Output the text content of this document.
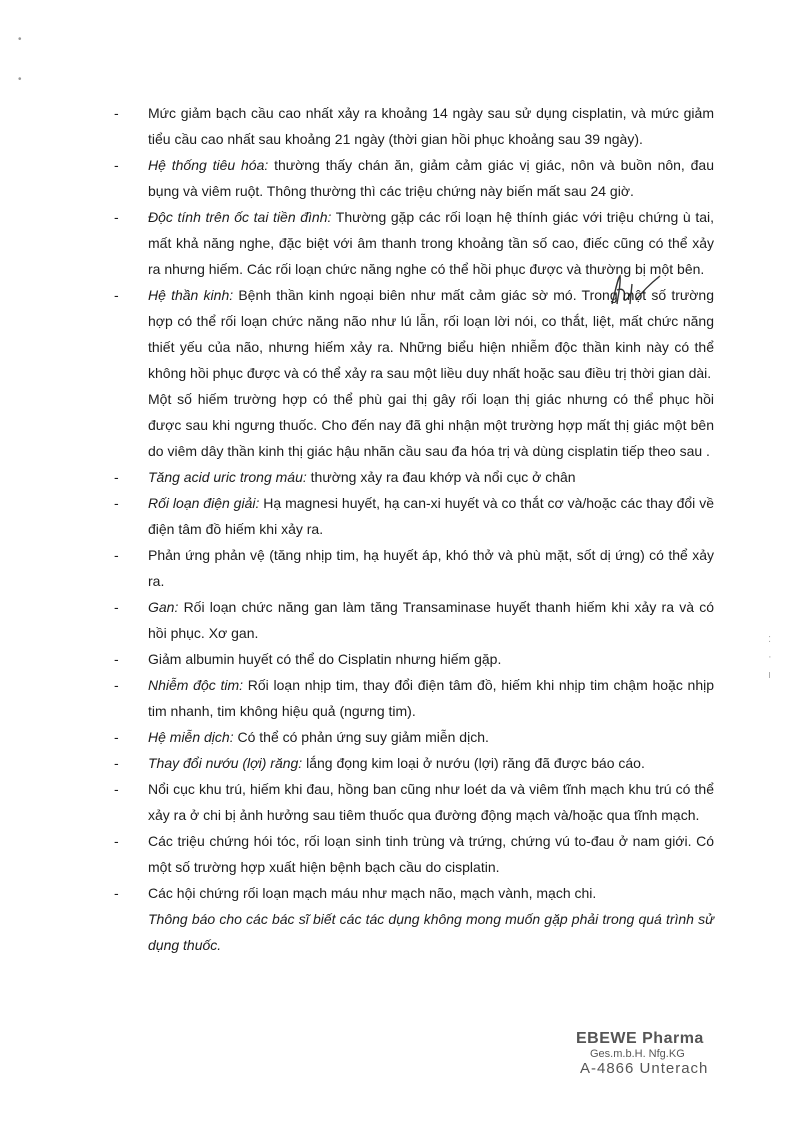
•
•
-	Mức giảm bạch cầu cao nhất xảy ra khoảng 14 ngày sau sử dụng cisplatin, và mức giảm tiểu cầu cao nhất sau khoảng 21 ngày (thời gian hồi phục khoảng sau 39 ngày).
-	Hệ thống tiêu hóa: thường thấy chán ăn, giảm cảm giác vị giác, nôn và buồn nôn, đau bụng và viêm ruột. Thông thường thì các triệu chứng này biến mất sau 24 giờ.
-	Độc tính trên ốc tai tiền đình: Thường gặp các rối loạn hệ thính giác với triệu chứng ù tai, mất khả năng nghe, đặc biệt với âm thanh trong khoảng tần số cao, điếc cũng có thể xảy ra nhưng hiếm. Các rối loạn chức năng nghe có thể hồi phục được và thường bị một bên.
-	Hệ thần kinh: Bệnh thần kinh ngoại biên như mất cảm giác sờ mó. Trong một số trường hợp có thể rối loạn chức năng não như lú lẫn, rối loạn lời nói, co thắt, liệt, mất chức năng thiết yếu của não, nhưng hiếm xảy ra. Những biểu hiện nhiễm độc thần kinh này có thể không hồi phục được và có thể xảy ra sau một liều duy nhất hoặc sau điều trị thời gian dài.
Một số hiếm trường hợp có thể phù gai thị gây rối loạn thị giác nhưng có thể phục hồi được sau khi ngưng thuốc. Cho đến nay đã ghi nhận một trường hợp mất thị giác một bên do viêm dây thần kinh thị giác hậu nhãn cầu sau đa hóa trị và dùng cisplatin tiếp theo sau .
-	Tăng acid uric trong máu: thường xảy ra đau khớp và nổi cục ở chân
-	Rối loạn điện giải: Hạ magnesi huyết, hạ can-xi huyết và co thắt cơ và/hoặc các thay đổi về điện tâm đồ hiếm khi xảy ra.
-	Phản ứng phản vệ (tăng nhịp tim, hạ huyết áp, khó thở và phù mặt, sốt dị ứng) có thể xảy ra.
-	Gan: Rối loạn chức năng gan làm tăng Transaminase huyết thanh hiếm khi xảy ra và có hồi phục. Xơ gan.
-	Giảm albumin huyết có thể do Cisplatin nhưng hiếm gặp.
-	Nhiễm độc tim: Rối loạn nhịp tim, thay đổi điện tâm đồ, hiếm khi nhịp tim chậm hoặc nhịp tim nhanh, tim không hiệu quả (ngưng tim).
-	Hệ miễn dịch: Có thể có phản ứng suy giảm miễn dịch.
-	Thay đổi nướu (lợi) răng: lắng đọng kim loại ở nướu (lợi) răng đã được báo cáo.
-	Nổi cục khu trú, hiếm khi đau, hồng ban cũng như loét da và viêm tĩnh mạch khu trú có thể xảy ra ở chi bị ảnh hưởng sau tiêm thuốc qua đường động mạch và/hoặc qua tĩnh mạch.
-	Các triệu chứng hói tóc, rối loạn sinh tinh trùng và trứng, chứng vú to-đau ở nam giới. Có một số trường hợp xuất hiện bệnh bạch cầu do cisplatin.
-	Các hội chứng rối loạn mạch máu như mạch não, mạch vành, mạch chi.
Thông báo cho các bác sĩ biết các tác dụng không mong muốn gặp phải trong quá trình sử dụng thuốc.
:
·
ı
EBEWE Pharma
Ges.m.b.H. Nfg.KG
A-4866 Unterach
